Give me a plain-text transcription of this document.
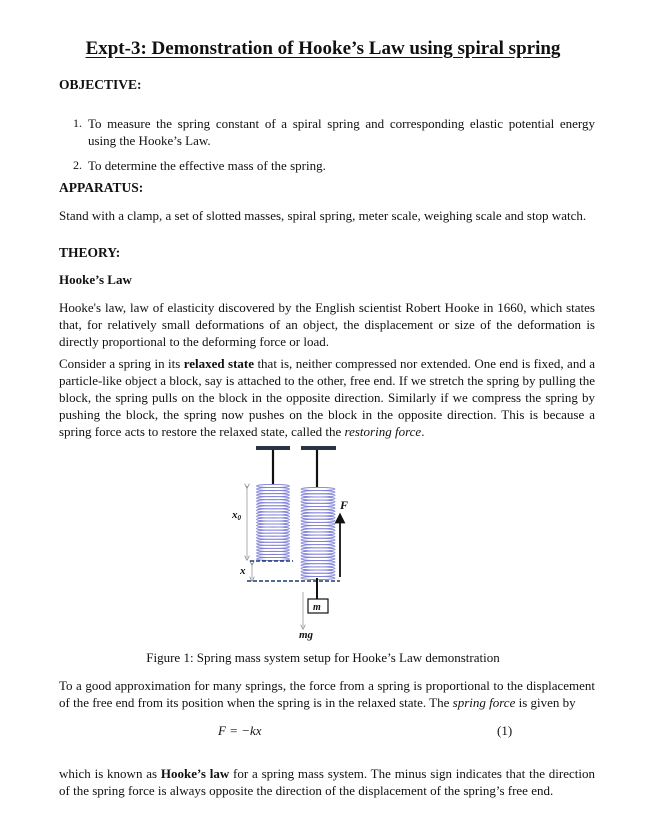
Expt-3: Demonstration of Hooke’s Law using spiral spring
OBJECTIVE:
1. To measure the spring constant of a spiral spring and corresponding elastic potential energy using the Hooke’s Law.
2. To determine the effective mass of the spring.
APPARATUS:
Stand with a clamp, a set of slotted masses, spiral spring, meter scale, weighing scale and stop watch.
THEORY:
Hooke’s Law
Hooke's law, law of elasticity discovered by the English scientist Robert Hooke in 1660, which states that, for relatively small deformations of an object, the displacement or size of the deformation is directly proportional to the deforming force or load.
Consider a spring in its relaxed state that is, neither compressed nor extended. One end is fixed, and a particle-like object a block, say is attached to the other, free end. If we stretch the spring by pulling the block, the spring pulls on the block in the opposite direction. Similarly if we compress the spring by pushing the block, the spring now pushes on the block in the opposite direction. This is because a spring force acts to restore the relaxed state, called the restoring force.
x0
x
F
m
mg
Figure 1: Spring mass system setup for Hooke’s Law demonstration
To a good approximation for many springs, the force from a spring is proportional to the displacement of the free end from its position when the spring is in the relaxed state. The spring force is given by
F = −kx	(1)
which is known as Hooke’s law for a spring mass system. The minus sign indicates that the direction of the spring force is always opposite the direction of the displacement of the spring’s free end.
